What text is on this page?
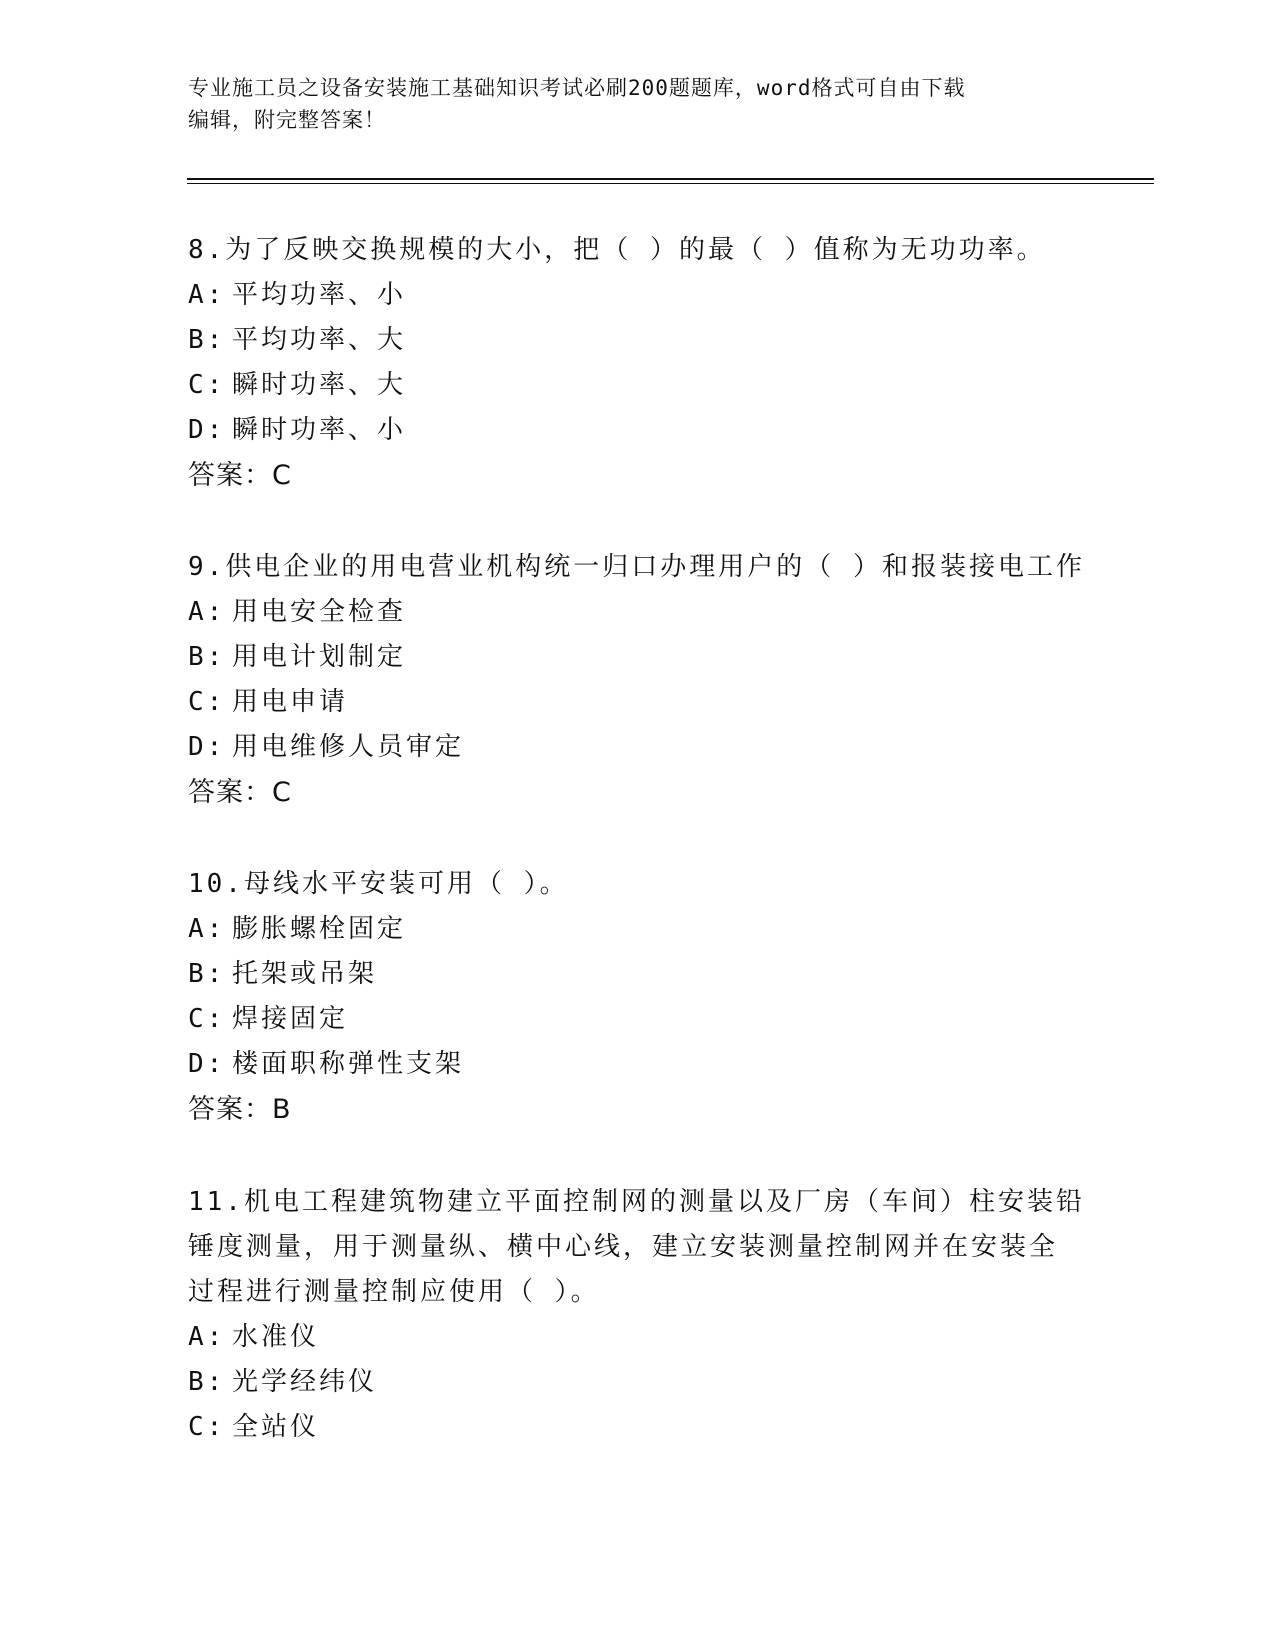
专业施工员之设备安装施工基础知识考试必刷200题题库，word格式可自由下载
编辑，附完整答案！
8.为了反映交换规模的大小，把（ ）的最（ ）值称为无功功率。
A: 平均功率、小
B: 平均功率、大
C: 瞬时功率、大
D: 瞬时功率、小
答案：C
9.供电企业的用电营业机构统一归口办理用户的（ ）和报装接电工作
A: 用电安全检查
B: 用电计划制定
C: 用电申请
D: 用电维修人员审定
答案：C
10.母线水平安装可用（ ）。
A: 膨胀螺栓固定
B: 托架或吊架
C: 焊接固定
D: 楼面职称弹性支架
答案：B
11.机电工程建筑物建立平面控制网的测量以及厂房（车间）柱安装铅
锤度测量，用于测量纵、横中心线，建立安装测量控制网并在安装全
过程进行测量控制应使用（ ）。
A: 水准仪
B: 光学经纬仪
C: 全站仪
